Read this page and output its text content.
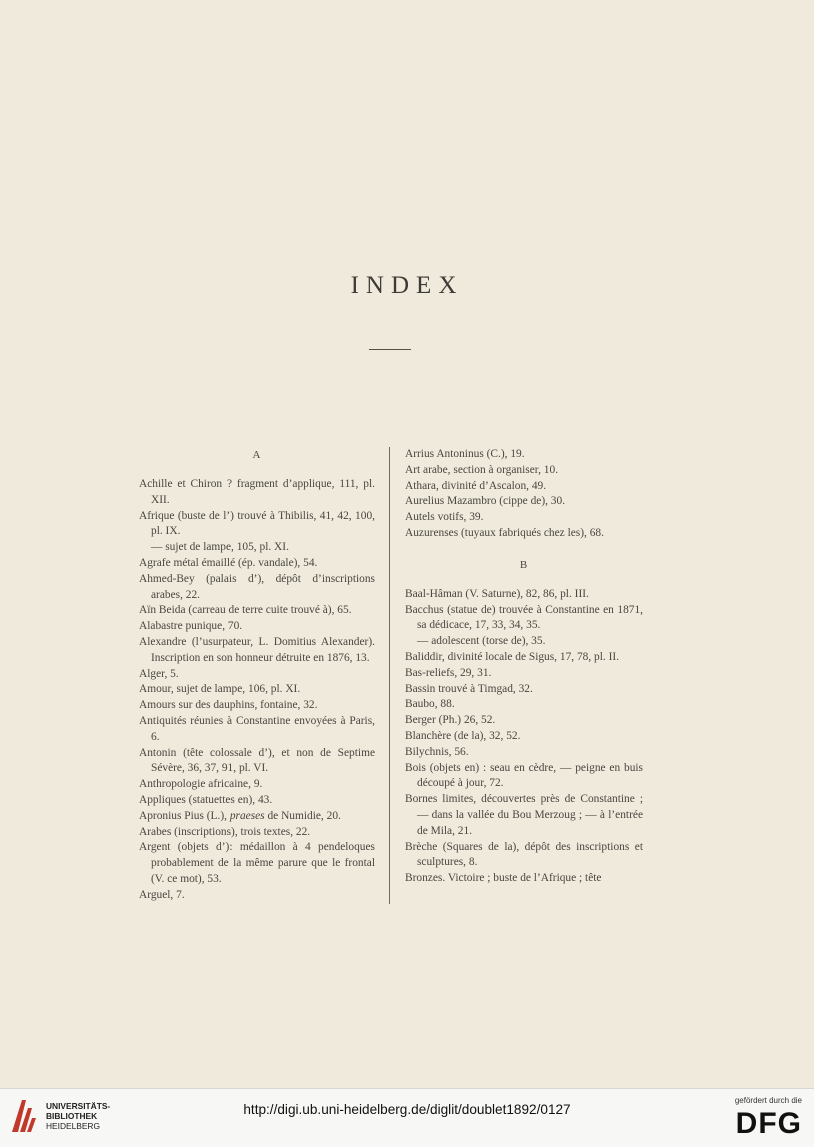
INDEX
A
Achille et Chiron ? fragment d’applique, 111, pl. XII.
Afrique (buste de l’) trouvé à Thibilis, 41, 42, 100, pl. IX.
— sujet de lampe, 105, pl. XI.
Agrafe métal émaillé (ép. vandale), 54.
Ahmed-Bey (palais d’), dépôt d’inscriptions arabes, 22.
Aïn Beida (carreau de terre cuite trouvé à), 65.
Alabastre punique, 70.
Alexandre (l’usurpateur, L. Domitius Alexander). Inscription en son honneur détruite en 1876, 13.
Alger, 5.
Amour, sujet de lampe, 106, pl. XI.
Amours sur des dauphins, fontaine, 32.
Antiquités réunies à Constantine envoyées à Paris, 6.
Antonin (tête colossale d’), et non de Septime Sévère, 36, 37, 91, pl. VI.
Anthropologie africaine, 9.
Appliques (statuettes en), 43.
Apronius Pius (L.), praeses de Numidie, 20.
Arabes (inscriptions), trois textes, 22.
Argent (objets d’): médaillon à 4 pendeloques probablement de la même parure que le frontal (V. ce mot), 53.
Arguel, 7.
Arrius Antoninus (C.), 19.
Art arabe, section à organiser, 10.
Athara, divinité d’Ascalon, 49.
Aurelius Mazambro (cippe de), 30.
Autels votifs, 39.
Auzurenses (tuyaux fabriqués chez les), 68.
B
Baal-Hâman (V. Saturne), 82, 86, pl. III.
Bacchus (statue de) trouvée à Constantine en 1871, sa dédicace, 17, 33, 34, 35.
— adolescent (torse de), 35.
Baliddir, divinité locale de Sigus, 17, 78, pl. II.
Bas-reliefs, 29, 31.
Bassin trouvé à Timgad, 32.
Baubo, 88.
Berger (Ph.) 26, 52.
Blanchère (de la), 32, 52.
Bilychnis, 56.
Bois (objets en) : seau en cèdre, — peigne en buis découpé à jour, 72.
Bornes limites, découvertes près de Constantine ; — dans la vallée du Bou Merzoug ; — à l’entrée de Mila, 21.
Brèche (Squares de la), dépôt des inscriptions et sculptures, 8.
Bronzes. Victoire ; buste de l’Afrique ; tête
UNIVERSITÄTS-
BIBLIOTHEK
HEIDELBERG
http://digi.ub.uni-heidelberg.de/diglit/doublet1892/0127
gefördert durch die
DFG
